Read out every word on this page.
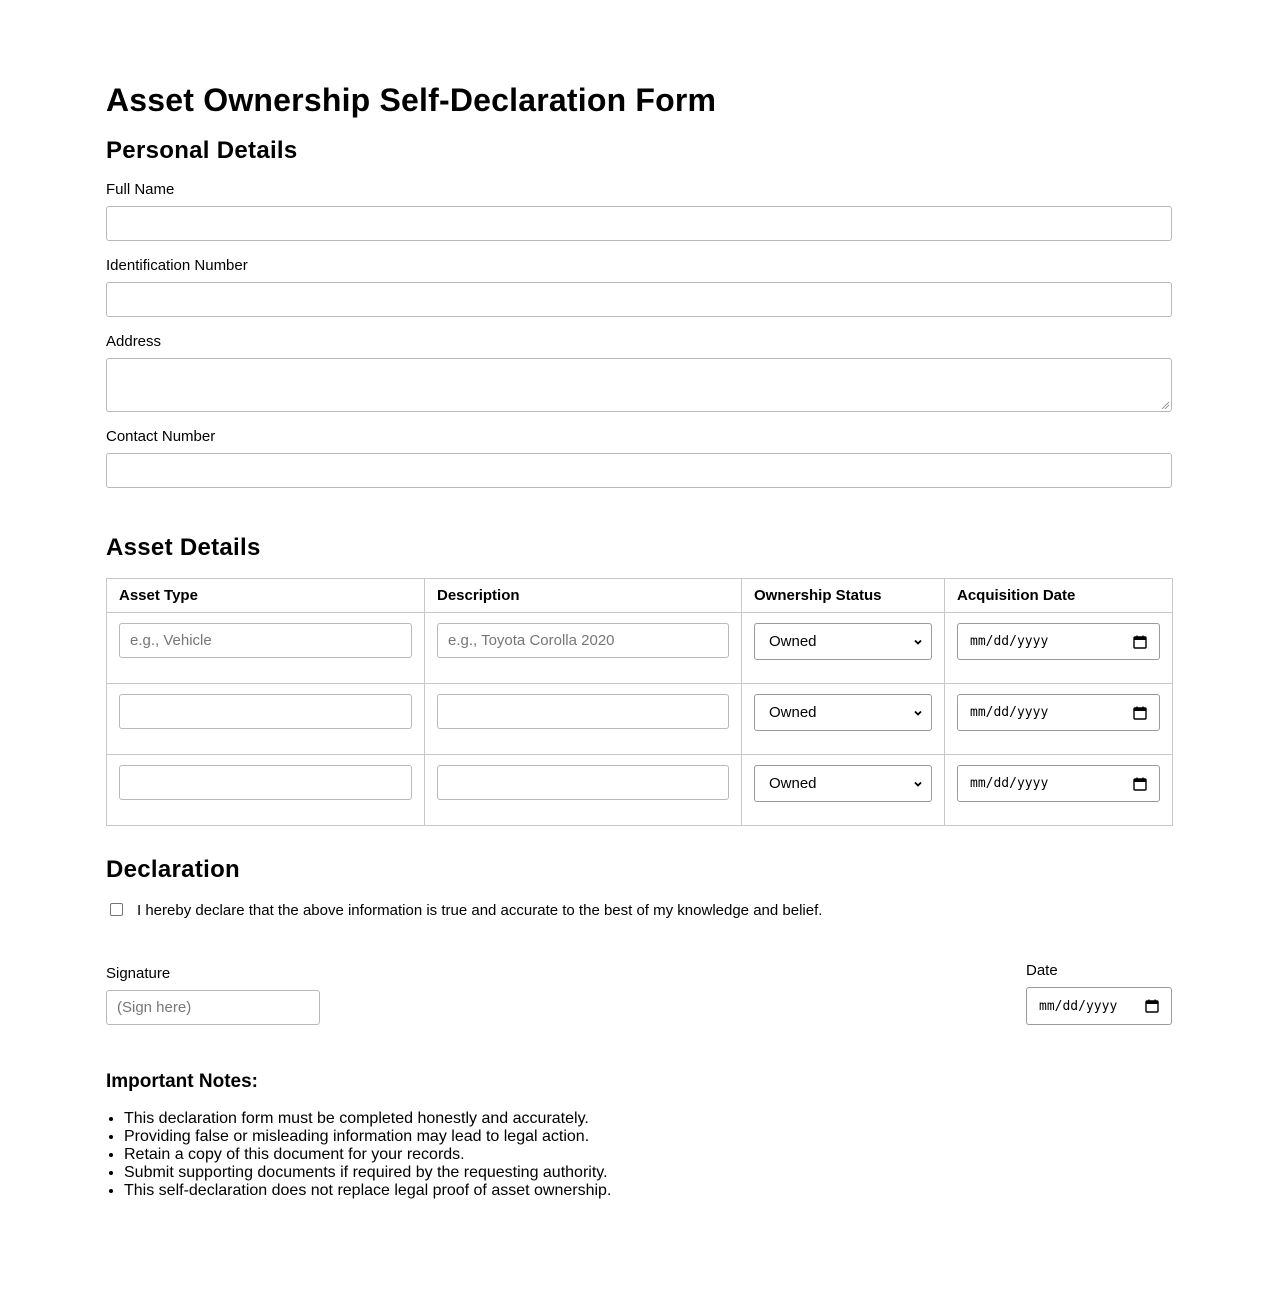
Asset Ownership Self-Declaration Form
Personal Details
Full Name
Identification Number
Address
Contact Number
Asset Details
Asset Type	Description	Ownership Status	Acquisition Date

e.g., Vehicle	e.g., Toyota Corolla 2020	Owned	mm/dd/yyyy

		Owned	mm/dd/yyyy

		Owned	mm/dd/yyyy
Declaration
I hereby declare that the above information is true and accurate to the best of my knowledge and belief.
Signature
(Sign here)
Date
mm/dd/yyyy
Important Notes:
• This declaration form must be completed honestly and accurately.
• Providing false or misleading information may lead to legal action.
• Retain a copy of this document for your records.
• Submit supporting documents if required by the requesting authority.
• This self-declaration does not replace legal proof of asset ownership.
